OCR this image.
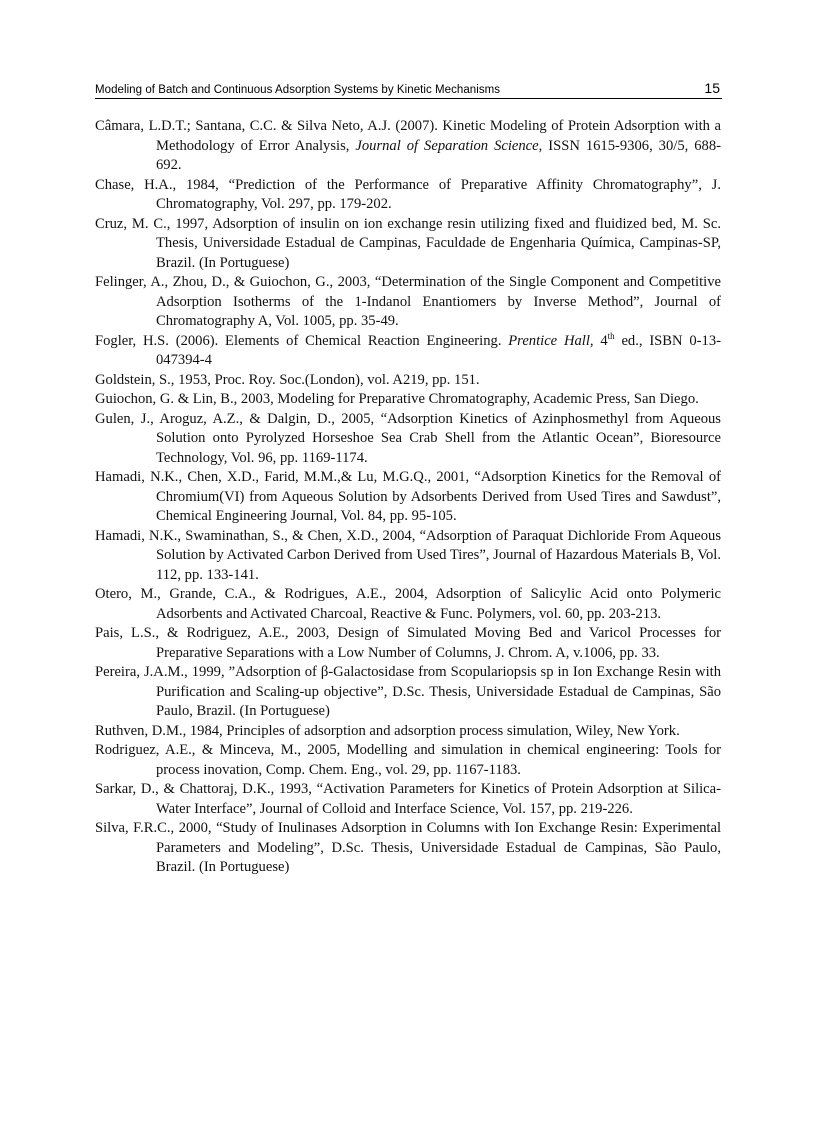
Modeling of Batch and Continuous Adsorption Systems by Kinetic Mechanisms	15
Câmara, L.D.T.; Santana, C.C. & Silva Neto, A.J. (2007). Kinetic Modeling of Protein Adsorption with a Methodology of Error Analysis, Journal of Separation Science, ISSN 1615-9306, 30/5, 688-692.
Chase, H.A., 1984, “Prediction of the Performance of Preparative Affinity Chromatography”, J. Chromatography, Vol. 297, pp. 179-202.
Cruz, M. C., 1997, Adsorption of insulin on ion exchange resin utilizing fixed and fluidized bed, M. Sc. Thesis, Universidade Estadual de Campinas, Faculdade de Engenharia Química, Campinas-SP, Brazil. (In Portuguese)
Felinger, A., Zhou, D., & Guiochon, G., 2003, “Determination of the Single Component and Competitive Adsorption Isotherms of the 1-Indanol Enantiomers by Inverse Method”, Journal of Chromatography A, Vol. 1005, pp. 35-49.
Fogler, H.S. (2006). Elements of Chemical Reaction Engineering. Prentice Hall, 4th ed., ISBN 0-13-047394-4
Goldstein, S., 1953, Proc. Roy. Soc.(London), vol. A219, pp. 151.
Guiochon, G. & Lin, B., 2003, Modeling for Preparative Chromatography, Academic Press, San Diego.
Gulen, J., Aroguz, A.Z., & Dalgin, D., 2005, “Adsorption Kinetics of Azinphosmethyl from Aqueous Solution onto Pyrolyzed Horseshoe Sea Crab Shell from the Atlantic Ocean”, Bioresource Technology, Vol. 96, pp. 1169-1174.
Hamadi, N.K., Chen, X.D., Farid, M.M.,& Lu, M.G.Q., 2001, “Adsorption Kinetics for the Removal of Chromium(VI) from Aqueous Solution by Adsorbents Derived from Used Tires and Sawdust”, Chemical Engineering Journal, Vol. 84, pp. 95-105.
Hamadi, N.K., Swaminathan, S., & Chen, X.D., 2004, “Adsorption of Paraquat Dichloride From Aqueous Solution by Activated Carbon Derived from Used Tires”, Journal of Hazardous Materials B, Vol. 112, pp. 133-141.
Otero, M., Grande, C.A., & Rodrigues, A.E., 2004, Adsorption of Salicylic Acid onto Polymeric Adsorbents and Activated Charcoal, Reactive & Func. Polymers, vol. 60, pp. 203-213.
Pais, L.S., & Rodriguez, A.E., 2003, Design of Simulated Moving Bed and Varicol Processes for Preparative Separations with a Low Number of Columns, J. Chrom. A, v.1006, pp. 33.
Pereira, J.A.M., 1999, ”Adsorption of β-Galactosidase from Scopulariopsis sp in Ion Exchange Resin with Purification and Scaling-up objective”, D.Sc. Thesis, Universidade Estadual de Campinas, São Paulo, Brazil. (In Portuguese)
Ruthven, D.M., 1984, Principles of adsorption and adsorption process simulation, Wiley, New York.
Rodriguez, A.E., & Minceva, M., 2005, Modelling and simulation in chemical engineering: Tools for process inovation, Comp. Chem. Eng., vol. 29, pp. 1167-1183.
Sarkar, D., & Chattoraj, D.K., 1993, “Activation Parameters for Kinetics of Protein Adsorption at Silica-Water Interface”, Journal of Colloid and Interface Science, Vol. 157, pp. 219-226.
Silva, F.R.C., 2000, “Study of Inulinases Adsorption in Columns with Ion Exchange Resin: Experimental Parameters and Modeling”, D.Sc. Thesis, Universidade Estadual de Campinas, São Paulo, Brazil. (In Portuguese)
